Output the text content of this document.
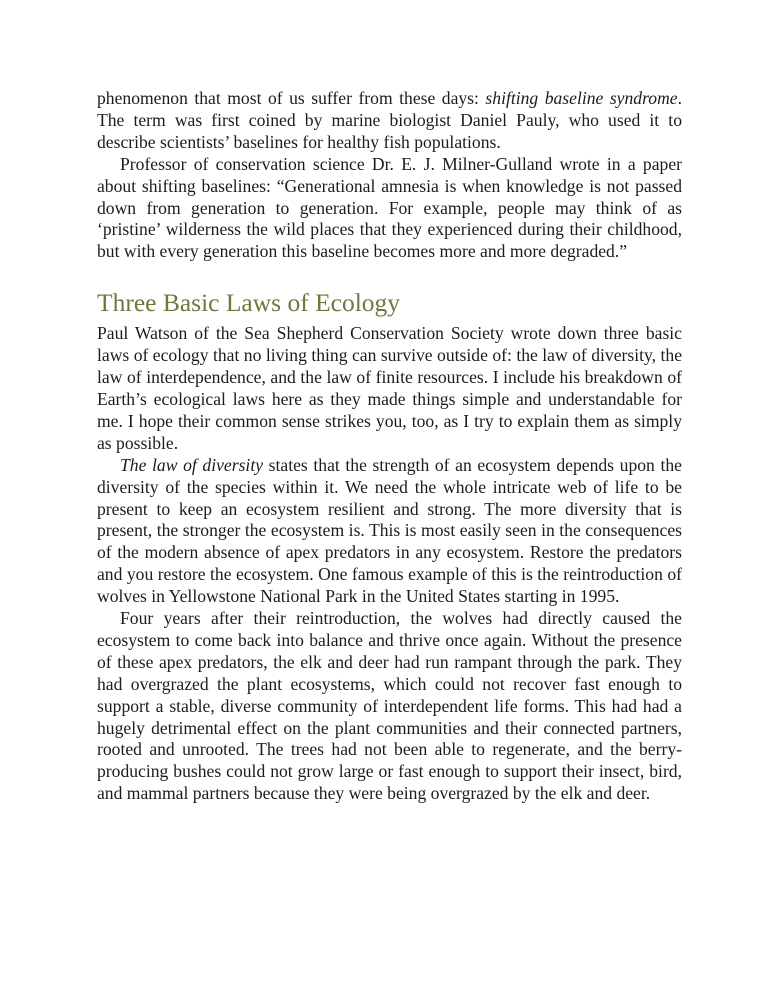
phenomenon that most of us suffer from these days: shifting baseline syndrome. The term was first coined by marine biologist Daniel Pauly, who used it to describe scientists’ baselines for healthy fish populations.

Professor of conservation science Dr. E. J. Milner-Gulland wrote in a paper about shifting baselines: “Generational amnesia is when knowledge is not passed down from generation to generation. For example, people may think of as ‘pristine’ wilderness the wild places that they experienced during their childhood, but with every generation this baseline becomes more and more degraded.”

Three Basic Laws of Ecology

Paul Watson of the Sea Shepherd Conservation Society wrote down three basic laws of ecology that no living thing can survive outside of: the law of diversity, the law of interdependence, and the law of finite resources. I include his breakdown of Earth’s ecological laws here as they made things simple and understandable for me. I hope their common sense strikes you, too, as I try to explain them as simply as possible.

The law of diversity states that the strength of an ecosystem depends upon the diversity of the species within it. We need the whole intricate web of life to be present to keep an ecosystem resilient and strong. The more diversity that is present, the stronger the ecosystem is. This is most easily seen in the consequences of the modern absence of apex predators in any ecosystem. Restore the predators and you restore the ecosystem. One famous example of this is the reintroduction of wolves in Yellowstone National Park in the United States starting in 1995.

Four years after their reintroduction, the wolves had directly caused the ecosystem to come back into balance and thrive once again. Without the presence of these apex predators, the elk and deer had run rampant through the park. They had overgrazed the plant ecosystems, which could not recover fast enough to support a stable, diverse community of interdependent life forms. This had had a hugely detrimental effect on the plant communities and their connected partners, rooted and unrooted. The trees had not been able to regenerate, and the berry-producing bushes could not grow large or fast enough to support their insect, bird, and mammal partners because they were being overgrazed by the elk and deer.
